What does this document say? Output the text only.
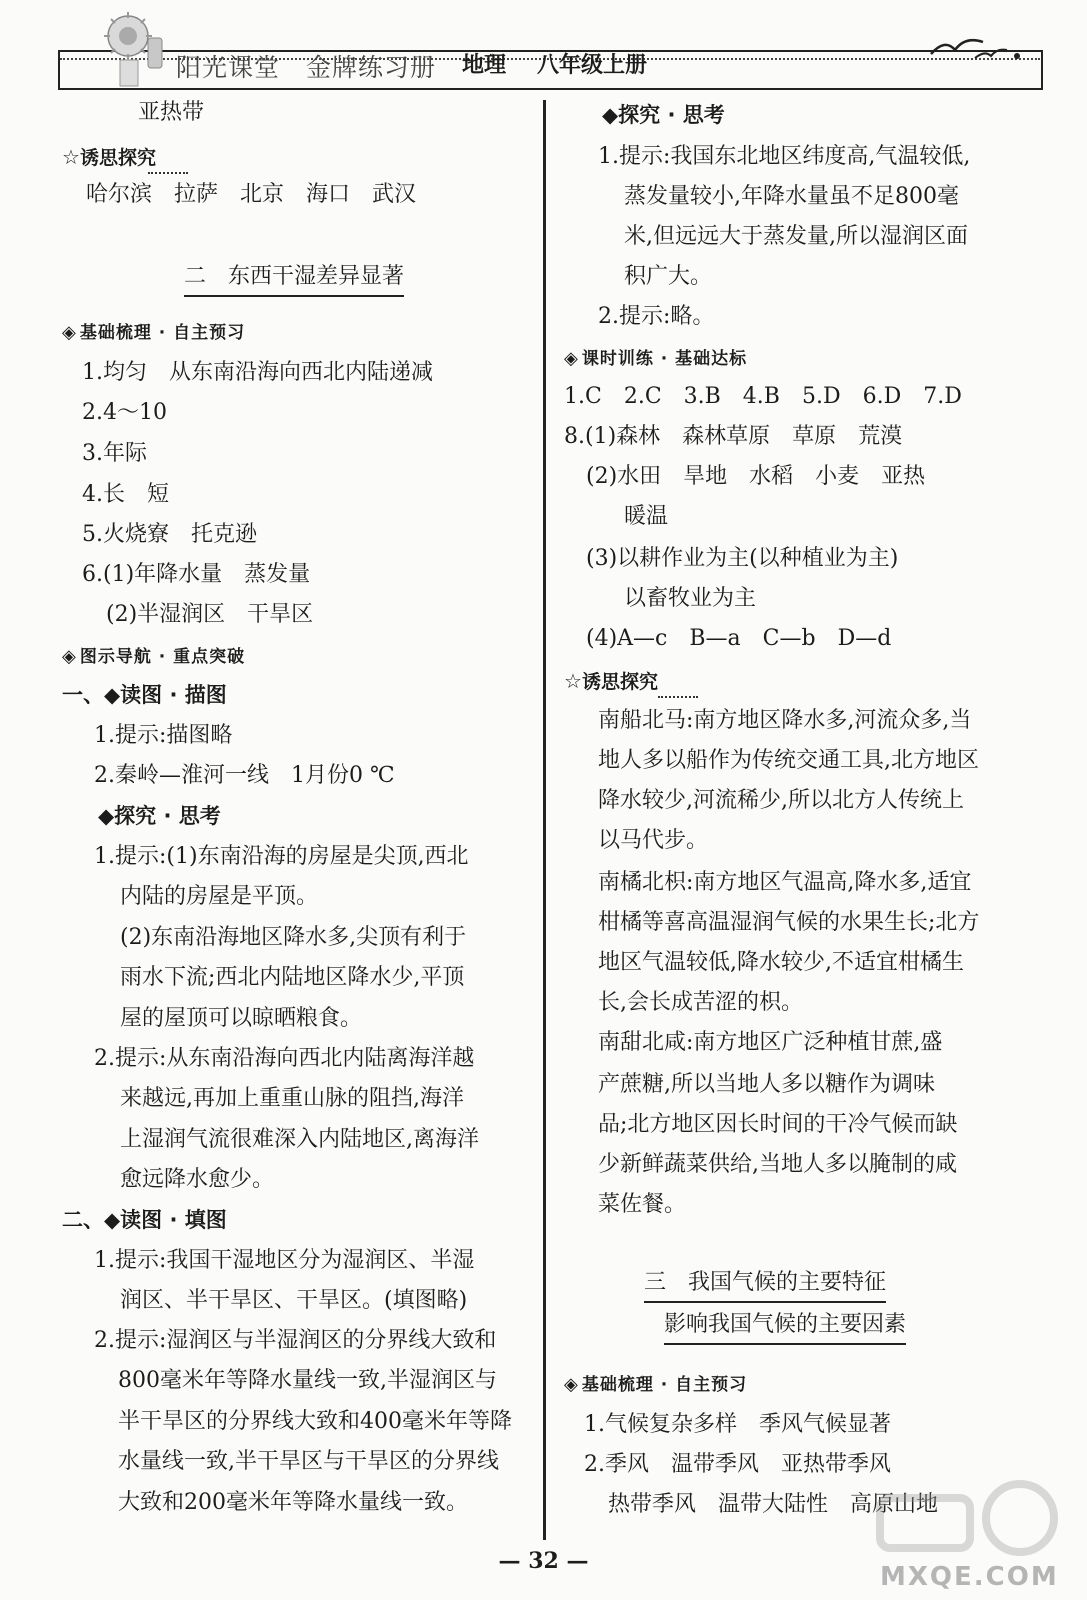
阳光课堂 金牌练习册 地理 八年级上册
亚热带
☆诱思探究
哈尔滨　拉萨　北京　海口　武汉
二　东西干湿差异显著
◈ 基础梳理 · 自主预习
1.均匀　从东南沿海向西北内陆递减
2.4～10
3.年际
4.长　短
5.火烧寮　托克逊
6.(1)年降水量　蒸发量
(2)半湿润区　干旱区
◈ 图示导航 · 重点突破
一、◆读图 · 描图
1.提示:描图略
2.秦岭—淮河一线　1月份0 ℃
◆探究 · 思考
1.提示:(1)东南沿海的房屋是尖顶,西北
内陆的房屋是平顶。
(2)东南沿海地区降水多,尖顶有利于
雨水下流;西北内陆地区降水少,平顶
屋的屋顶可以晾晒粮食。
2.提示:从东南沿海向西北内陆离海洋越
来越远,再加上重重山脉的阻挡,海洋
上湿润气流很难深入内陆地区,离海洋
愈远降水愈少。
二、◆读图 · 填图
1.提示:我国干湿地区分为湿润区、半湿
润区、半干旱区、干旱区。(填图略)
2.提示:湿润区与半湿润区的分界线大致和
800毫米年等降水量线一致,半湿润区与
半干旱区的分界线大致和400毫米年等降
水量线一致,半干旱区与干旱区的分界线
大致和200毫米年等降水量线一致。
◆探究 · 思考
1.提示:我国东北地区纬度高,气温较低,
蒸发量较小,年降水量虽不足800毫
米,但远远大于蒸发量,所以湿润区面
积广大。
2.提示:略。
◈ 课时训练 · 基础达标
1.C　2.C　3.B　4.B　5.D　6.D　7.D
8.(1)森林　森林草原　草原　荒漠
(2)水田　旱地　水稻　小麦　亚热
暖温
(3)以耕作业为主(以种植业为主)
以畜牧业为主
(4)A—c　B—a　C—b　D—d
☆诱思探究
南船北马:南方地区降水多,河流众多,当
地人多以船作为传统交通工具,北方地区
降水较少,河流稀少,所以北方人传统上
以马代步。
南橘北枳:南方地区气温高,降水多,适宜
柑橘等喜高温湿润气候的水果生长;北方
地区气温较低,降水较少,不适宜柑橘生
长,会长成苦涩的枳。
南甜北咸:南方地区广泛种植甘蔗,盛
产蔗糖,所以当地人多以糖作为调味
品;北方地区因长时间的干冷气候而缺
少新鲜蔬菜供给,当地人多以腌制的咸
菜佐餐。
三　我国气候的主要特征
影响我国气候的主要因素
◈ 基础梳理 · 自主预习
1.气候复杂多样　季风气候显著
2.季风　温带季风　亚热带季风
热带季风　温带大陆性　高原山地
MXQE.COM
— 32 —
